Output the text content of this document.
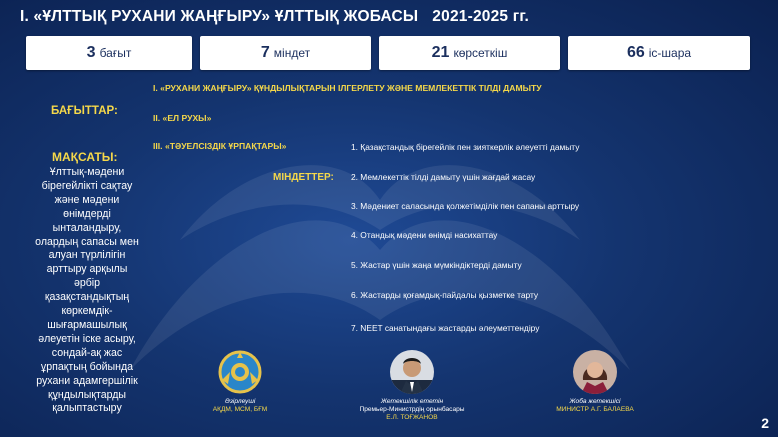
I. «ҰЛТТЫҚ РУХАНИ ЖАҢҒЫРУ» ҰЛТТЫҚ ЖОБАСЫ 2021-2025 гг.
3 бағыт	7 міндет	21 көрсеткіш	66 іс-шара
БАҒЫТТАР:
МАҚСАТЫ:
Ұлттық-мәдени бірегейлікті сақтау және мәдени өнімдерді ынталандыру, олардың сапасы мен алуан түрлілігін арттыру арқылы әрбір қазақстандықтың көркемдік-шығармашылық әлеуетін іске асыру, сондай-ақ жас ұрпақтың бойында рухани адамгершілік құндылықтарды қалыптастыру
I. «РУХАНИ ЖАҢҒЫРУ» ҚҰНДЫЛЫҚТАРЫН ІЛГЕРЛЕТУ ЖӘНЕ МЕМЛЕКЕТТІК ТІЛДІ ДАМЫТУ
II. «ЕЛ РУХЫ»
III. «ТӘУЕЛСІЗДІК ҰРПАҚТАРЫ»
МІНДЕТТЕР:
1. Қазақстандық бірегейлік пен зияткерлік әлеуетті дамыту
2. Мемлекеттік тілді дамыту үшін жағдай жасау
3. Мәдениет саласында қолжетімділік пен сапаны арттыру
4. Отандық мәдени өнімді насихаттау
5. Жастар үшін жаңа мүмкіндіктерді дамыту
6. Жастарды қоғамдық-пайдалы қызметке тарту
7. NEET санатындағы жастарды әлеуметтендіру
Әзірлеуші
АҚДМ, МСМ, БҒМ
Жетекшілік ететін
Премьер-Министрдің орынбасары
Е.Л. ТОҒЖАНОВ
Жоба жетекшісі
МИНИСТР А.Г. БАЛАЕВА
2
